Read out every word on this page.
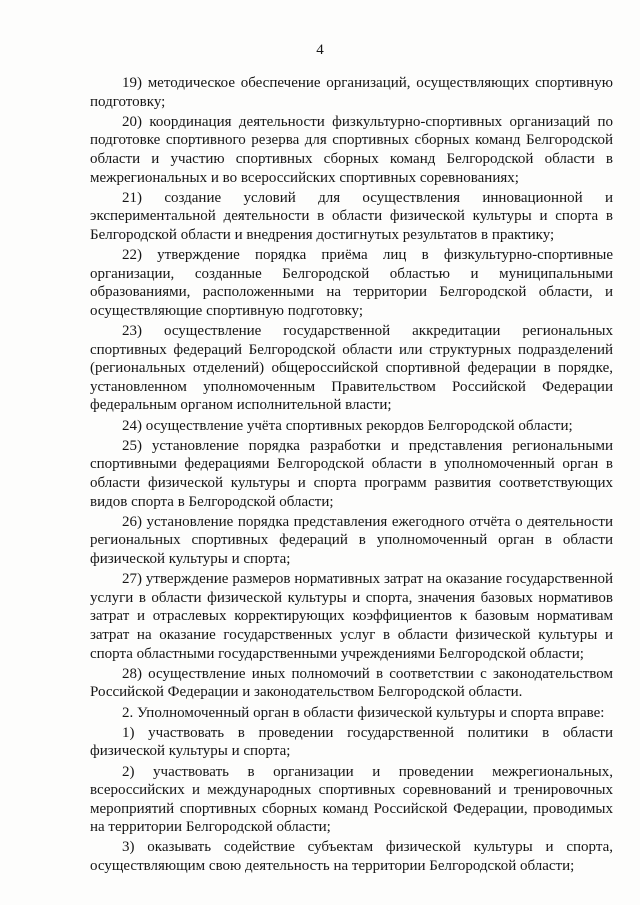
4

19) методическое обеспечение организаций, осуществляющих спортивную подготовку;

20) координация деятельности физкультурно-спортивных организаций по подготовке спортивного резерва для спортивных сборных команд Белгородской области и участию спортивных сборных команд Белгородской области в межрегиональных и во всероссийских спортивных соревнованиях;

21) создание условий для осуществления инновационной и экспериментальной деятельности в области физической культуры и спорта в Белгородской области и внедрения достигнутых результатов в практику;

22) утверждение порядка приёма лиц в физкультурно-спортивные организации, созданные Белгородской областью и муниципальными образованиями, расположенными на территории Белгородской области, и осуществляющие спортивную подготовку;

23) осуществление государственной аккредитации региональных спортивных федераций Белгородской области или структурных подразделений (региональных отделений) общероссийской спортивной федерации в порядке, установленном уполномоченным Правительством Российской Федерации федеральным органом исполнительной власти;

24) осуществление учёта спортивных рекордов Белгородской области;

25) установление порядка разработки и представления региональными спортивными федерациями Белгородской области в уполномоченный орган в области физической культуры и спорта программ развития соответствующих видов спорта в Белгородской области;

26) установление порядка представления ежегодного отчёта о деятельности региональных спортивных федераций в уполномоченный орган в области физической культуры и спорта;

27) утверждение размеров нормативных затрат на оказание государственной услуги в области физической культуры и спорта, значения базовых нормативов затрат и отраслевых корректирующих коэффициентов к базовым нормативам затрат на оказание государственных услуг в области физической культуры и спорта областными государственными учреждениями Белгородской области;

28) осуществление иных полномочий в соответствии с законодательством Российской Федерации и законодательством Белгородской области.

2. Уполномоченный орган в области физической культуры и спорта вправе:

1) участвовать в проведении государственной политики в области физической культуры и спорта;

2) участвовать в организации и проведении межрегиональных, всероссийских и международных спортивных соревнований и тренировочных мероприятий спортивных сборных команд Российской Федерации, проводимых на территории Белгородской области;

3) оказывать содействие субъектам физической культуры и спорта, осуществляющим свою деятельность на территории Белгородской области;
